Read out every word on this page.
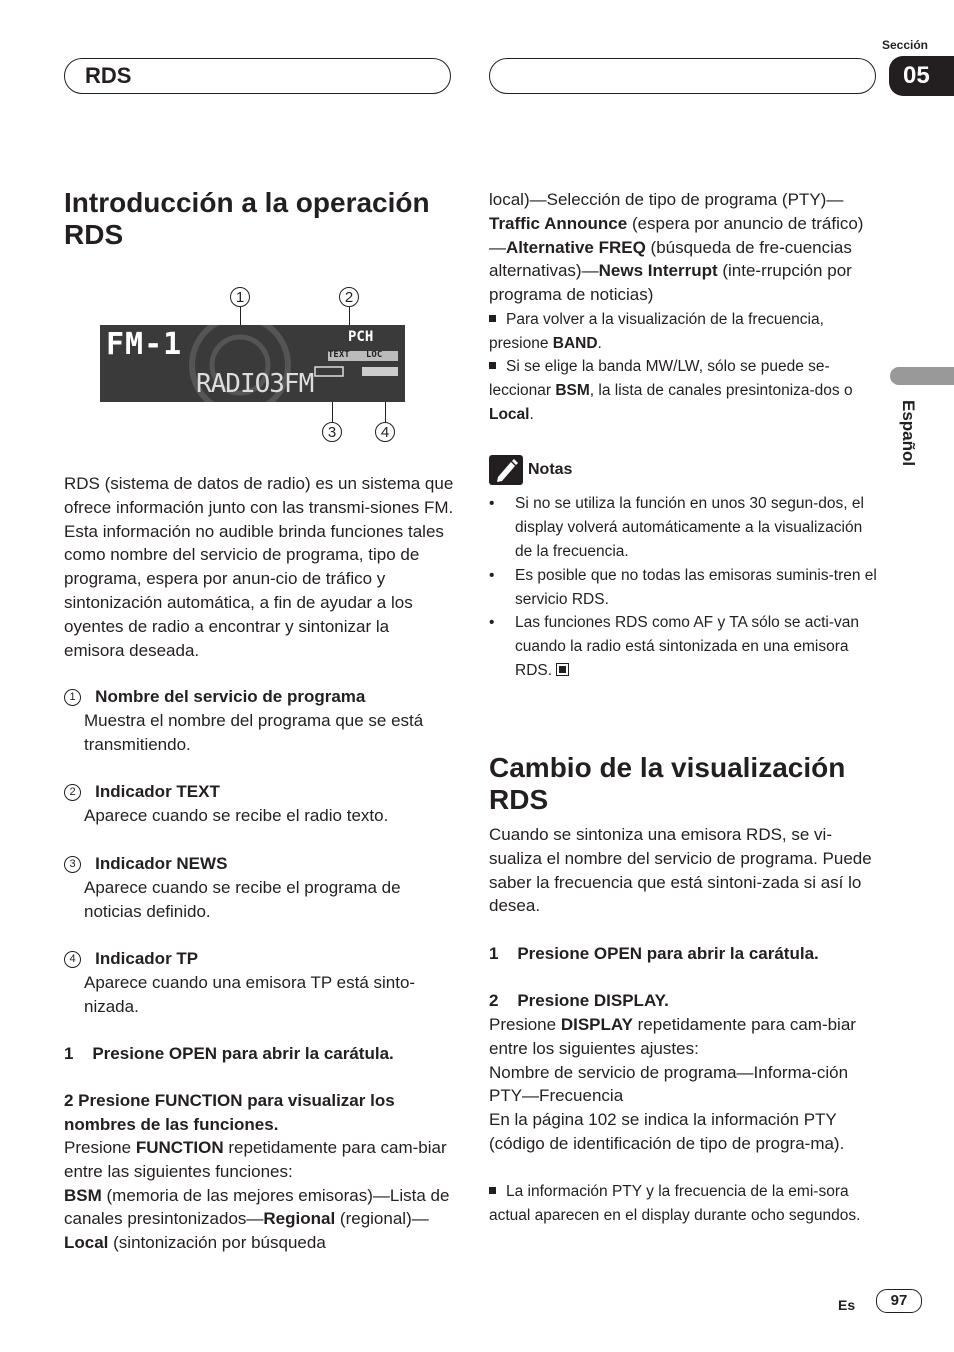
RDS
Sección
05
Español
Introducción a la operación RDS
1	2
3	4
FM-1
RADIO3FM
PCH
TEXT LOC
RDS (sistema de datos de radio) es un sistema que ofrece información junto con las transmi-siones FM. Esta información no audible brinda funciones tales como nombre del servicio de programa, tipo de programa, espera por anun-cio de tráfico y sintonización automática, a fin de ayudar a los oyentes de radio a encontrar y sintonizar la emisora deseada.
1 Nombre del servicio de programa

Muestra el nombre del programa que se está transmitiendo.
2 Indicador TEXT

Aparece cuando se recibe el radio texto.
3 Indicador NEWS

Aparece cuando se recibe el programa de noticias definido.
4 Indicador TP

Aparece cuando una emisora TP está sinto-nizada.
1    Presione OPEN para abrir la carátula.
2 Presione FUNCTION para visualizar los nombres de las funciones.
Presione FUNCTION repetidamente para cam-biar entre las siguientes funciones:
BSM (memoria de las mejores emisoras)—Lista de canales presintonizados—Regional (regional)—Local (sintonización por búsqueda
local)—Selección de tipo de programa (PTY)—Traffic Announce (espera por anuncio de tráfico)—Alternative FREQ (búsqueda de fre-cuencias alternativas)—News Interrupt (inte-rrupción por programa de noticias)
Para volver a la visualización de la frecuencia, presione BAND.
Si se elige la banda MW/LW, sólo se puede se-leccionar BSM, la lista de canales presintoniza-dos o Local.
Notas
•	Si no se utiliza la función en unos 30 segun-dos, el display volverá automáticamente a la visualización de la frecuencia.
•	Es posible que no todas las emisoras suminis-tren el servicio RDS.
•	Las funciones RDS como AF y TA sólo se acti-van cuando la radio está sintonizada en una emisora RDS.
Cambio de la visualización RDS
Cuando se sintoniza una emisora RDS, se vi-sualiza el nombre del servicio de programa. Puede saber la frecuencia que está sintoni-zada si así lo desea.
1    Presione OPEN para abrir la carátula.
2    Presione DISPLAY.
Presione DISPLAY repetidamente para cam-biar entre los siguientes ajustes:
Nombre de servicio de programa—Informa-ción PTY—Frecuencia
En la página 102 se indica la información PTY (código de identificación de tipo de progra-ma).
La información PTY y la frecuencia de la emi-sora actual aparecen en el display durante ocho segundos.
Es	97
